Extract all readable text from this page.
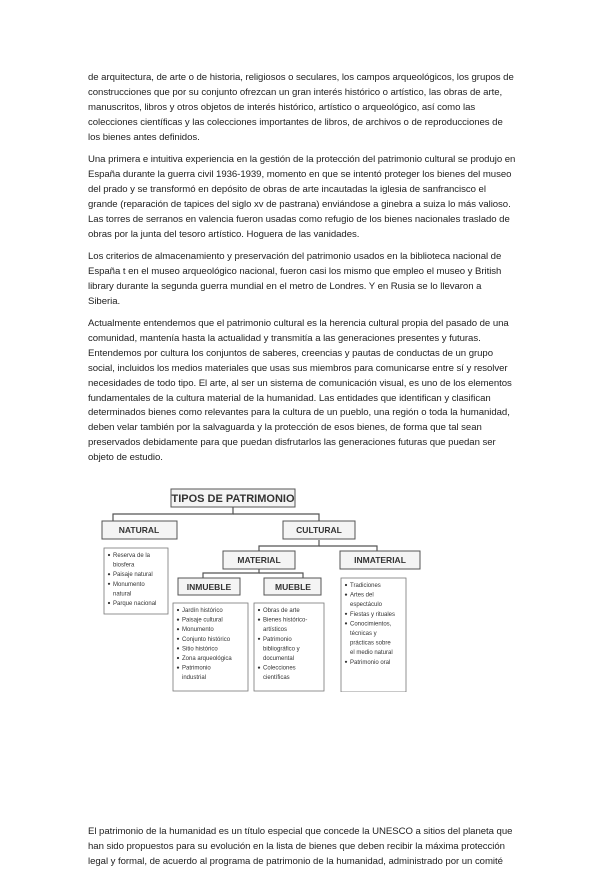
de arquitectura, de arte o de historia, religiosos o seculares, los campos arqueológicos, los grupos de construcciones que por su conjunto ofrezcan un gran interés histórico o artístico, las obras de arte, manuscritos, libros y otros objetos de interés histórico, artístico o arqueológico, así como las colecciones científicas y las colecciones importantes de libros, de archivos o de reproducciones de los bienes antes definidos.

Una primera e intuitiva experiencia en la gestión de la protección del patrimonio cultural se produjo en España durante la guerra civil 1936-1939, momento en que se intentó proteger los bienes del museo del prado y se transformó en depósito de obras de arte incautadas la iglesia de sanfrancisco el grande (reparación de tapices del siglo xv de pastrana) enviándose a ginebra a suiza lo más valioso. Las torres de serranos en valencia fueron usadas como refugio de los bienes nacionales traslado de obras por la junta del tesoro artístico. Hoguera de las vanidades.

Los criterios de almacenamiento y preservación del patrimonio usados en la biblioteca nacional de España t en el museo arqueológico nacional, fueron casi los mismo que empleo el museo y British library durante la segunda guerra mundial en el metro de Londres. Y en Rusia se lo llevaron a Siberia.

Actualmente entendemos que el patrimonio cultural es la herencia cultural propia del pasado de una comunidad, mantenía hasta la actualidad y transmitía a las generaciones presentes y futuras. Entendemos por cultura los conjuntos de saberes, creencias y pautas de conductas de un grupo social, incluidos los medios materiales que usas sus miembros para comunicarse entre sí y resolver necesidades de todo tipo. El arte, al ser un sistema de comunicación visual, es uno de los elementos fundamentales de la cultura material de la humanidad. Las entidades que identifican y clasifican determinados bienes como relevantes para la cultura de un pueblo, una región o toda la humanidad, deben velar también por la salvaguarda y la protección de esos bienes, de forma que tal sean preservados debidamente para que puedan disfrutarlos las generaciones futuras que puedan ser objeto de estudio.

TIPOS DE PATRIMONIO
NATURAL
Reserva de la
biosfera
Paisaje natural
Monumento
natural
Parque nacional
CULTURAL
MATERIAL	INMATERIAL
Tradiciones
Artes del
espectáculo
Fiestas y rituales
Conocimientos,
técnicas y
prácticas sobre
el medio natural
Patrimonio oral
INMUEBLE
Jardín histórico
Paisaje cultural
Monumento
Conjunto histórico
Sitio histórico
Zona arqueológica
Patrimonio
industrial
MUEBLE
Obras de arte
Bienes histórico-
artísticos
Patrimonio
bibliográfico y
documental
Colecciones
científicas

El patrimonio de la humanidad es un título especial que concede la UNESCO a sitios del planeta que han sido propuestos para su evolución en la lista de bienes que deben recibir la máxima protección legal y formal, de acuerdo al programa de patrimonio de la humanidad, administrado por un comité
